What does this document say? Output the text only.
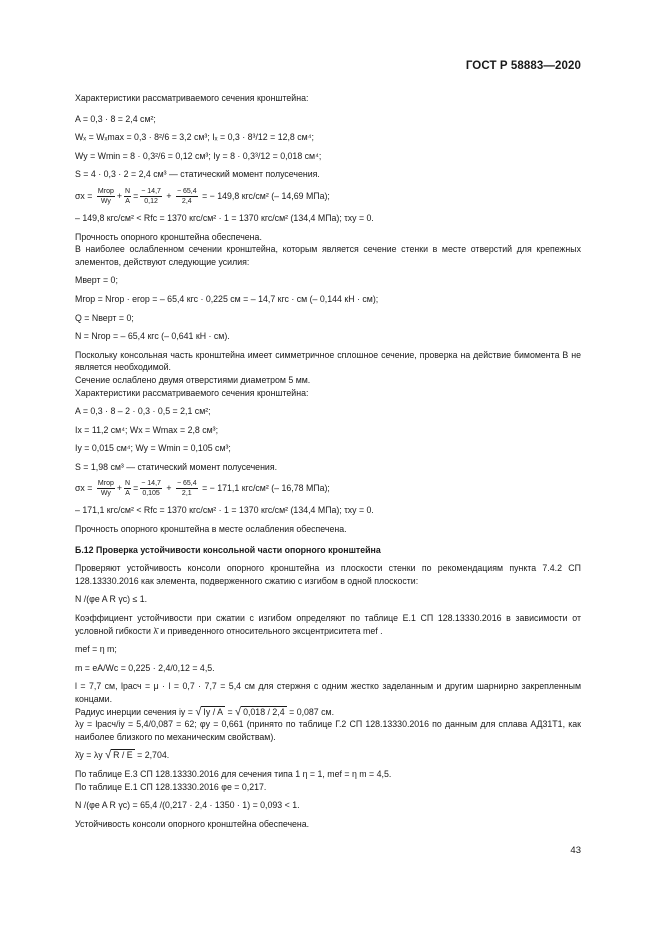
ГОСТ Р 58883—2020
Характеристики рассматриваемого сечения кронштейна:
A = 0,3 · 8 = 2,4 см²;
Wₓ = Wₓmax = 0,3 · 8²/6 = 3,2 см³; Iₓ = 0,3 · 8³/12 = 12,8 см⁴;
Wy = Wmin = 8 · 0,3²/6 = 0,12 см³; Iy = 8 · 0,3³/12 = 0,018 см⁴;
S = 4 · 0,3 · 2 = 2,4 см³ — статический момент полусечения.
$\sigma x = \frac{\text{Mгор}}{Wy} + \frac{N}{A} = \frac{- 14,7}{0,12} + \frac{- 65,4}{2,4}$ = − 149,8 кгс/см² (– 14,69 МПа);
– 149,8 кгс/см² < Rfc = 1370 кгс/см² · 1 = 1370 кгс/см² (134,4 МПа); τxy = 0.
Прочность опорного кронштейна обеспечена.
В наиболее ослабленном сечении кронштейна, которым является сечение стенки в месте отверстий для крепежных элементов, действуют следующие усилия:
Mверт = 0;
Mгор = Nгор · eгор = – 65,4 кгс · 0,225 см = – 14,7 кгс · см (– 0,144 кН · см);
Q = Nверт = 0;
N = Nгор = – 65,4 кгс (– 0,641 кН · см).
Поскольку консольная часть кронштейна имеет симметричное сплошное сечение, проверка на действие бимомента B не является необходимой.
Сечение ослаблено двумя отверстиями диаметром 5 мм.
Характеристики рассматриваемого сечения кронштейна:
A = 0,3 · 8 – 2 · 0,3 · 0,5 = 2,1 см²;
Ix = 11,2 см⁴; Wx = Wmax = 2,8 см³;
Iy = 0,015 см⁴; Wy = Wmin = 0,105 см³;
S = 1,98 см³ — статический момент полусечения.
$\sigma x = \frac{\text{Mгор}}{Wy} + \frac{N}{A} = \frac{- 14,7}{0,105} + \frac{- 65,4}{2,1}$ = − 171,1 кгс/см² (– 16,78 МПа);
– 171,1 кгс/см² < Rfc = 1370 кгс/см² · 1 = 1370 кгс/см² (134,4 МПа); τxy = 0.
Прочность опорного кронштейна в месте ослабления обеспечена.
Б.12 Проверка устойчивости консольной части опорного кронштейна
Проверяют устойчивость консоли опорного кронштейна из плоскости стенки по рекомендациям пункта 7.4.2 СП 128.13330.2016 как элемента, подверженного сжатию с изгибом в одной плоскости:
N /(φe A R γc) ≤ 1.
Коэффициент устойчивости при сжатии с изгибом определяют по таблице Е.1 СП 128.13330.2016 в зависимости от условной гибкости λ̄ и приведенного относительного эксцентриситета mef .
mef = η m;
m = eA/Wc = 0,225 · 2,4/0,12 = 4,5.
l = 7,7 см, lрасч = μ · l = 0,7 · 7,7 = 5,4 см для стержня с одним жестко заделанным и другим шарнирно закрепленным концами.
Радиус инерции сечения iy = √ Iy / A = √ 0,018 / 2,4 = 0,087 см.
λy = lрасч/iy = 5,4/0,087 = 62; φy = 0,661 (принято по таблице Г.2 СП 128.13330.2016 по данным для сплава АД31Т1, как наиболее близкого по механическим свойствам).
λ̄y = λy √ R / E = 2,704.
По таблице Е.3 СП 128.13330.2016 для сечения типа 1 η = 1, mef = η m = 4,5.
По таблице Е.1 СП 128.13330.2016 φe = 0,217.
N /(φe A R γc) = 65,4 /(0,217 · 2,4 · 1350 · 1) = 0,093 < 1.
Устойчивость консоли опорного кронштейна обеспечена.
43
